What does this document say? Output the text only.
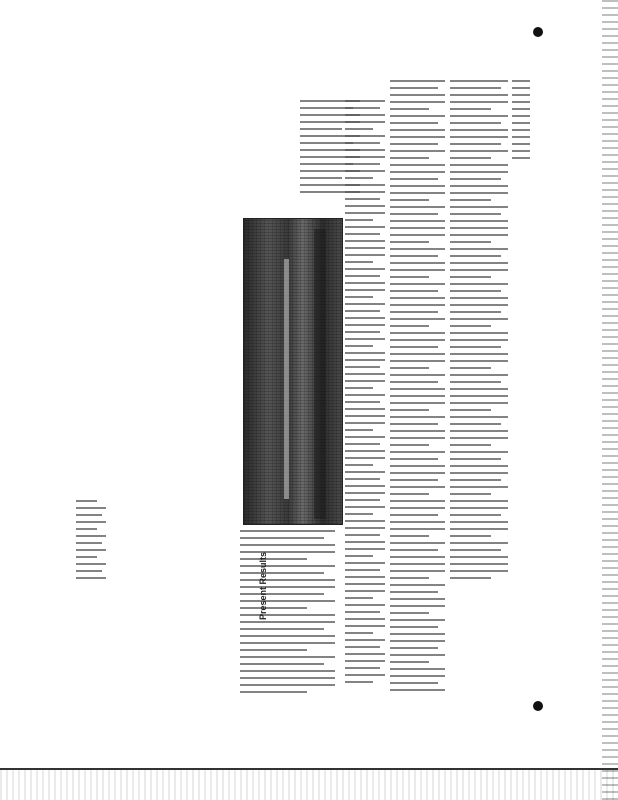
Present Results
